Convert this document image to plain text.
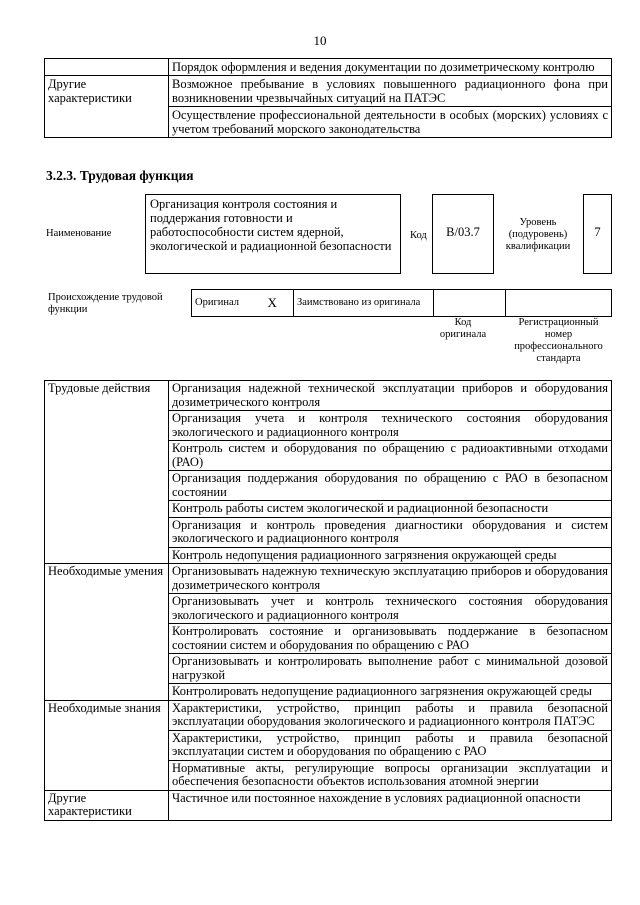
10
	Порядок оформления и ведения документации по дозиметрическому контролю
Другие характеристики	Возможное пребывание в условиях повышенного радиационного фона при возникновении чрезвычайных ситуаций на ПАТЭС
	Осуществление профессиональной деятельности в особых (морских) условиях с учетом требований морского законодательства
3.2.3. Трудовая функция
Наименование
Организация контроля состояния и поддержания готовности и работоспособности систем ядерной, экологической и радиационной безопасности
Код	B/03.7
Уровень (подуровень) квалификации
7
Происхождение трудовой функции
Оригинал	X	Заимствовано из оригинала		
Код оригинала
Регистрационный номер профессионального стандарта
Трудовые действия	Организация надежной технической эксплуатации приборов и оборудования дозиметрического контроля
	Организация учета и контроля технического состояния оборудования экологического и радиационного контроля
	Контроль систем и оборудования по обращению с радиоактивными отходами (РАО)
	Организация поддержания оборудования по обращению с РАО в безопасном состоянии
	Контроль работы систем экологической и радиационной безопасности
	Организация и контроль проведения диагностики оборудования и систем экологического и радиационного контроля
	Контроль недопущения радиационного загрязнения окружающей среды
Необходимые умения	Организовывать надежную техническую эксплуатацию приборов и оборудования дозиметрического контроля
	Организовывать учет и контроль технического состояния оборудования экологического и радиационного контроля
	Контролировать состояние и организовывать поддержание в безопасном состоянии систем и оборудования по обращению с РАО
	Организовывать и контролировать выполнение работ с минимальной дозовой нагрузкой
	Контролировать недопущение радиационного загрязнения окружающей среды
Необходимые знания	Характеристики, устройство, принцип работы и правила безопасной эксплуатации оборудования экологического и радиационного контроля ПАТЭС
	Характеристики, устройство, принцип работы и правила безопасной эксплуатации систем и оборудования по обращению с РАО
	Нормативные акты, регулирующие вопросы организации эксплуатации и обеспечения безопасности объектов использования атомной энергии
Другие характеристики	Частичное или постоянное нахождение в условиях радиационной опасности
